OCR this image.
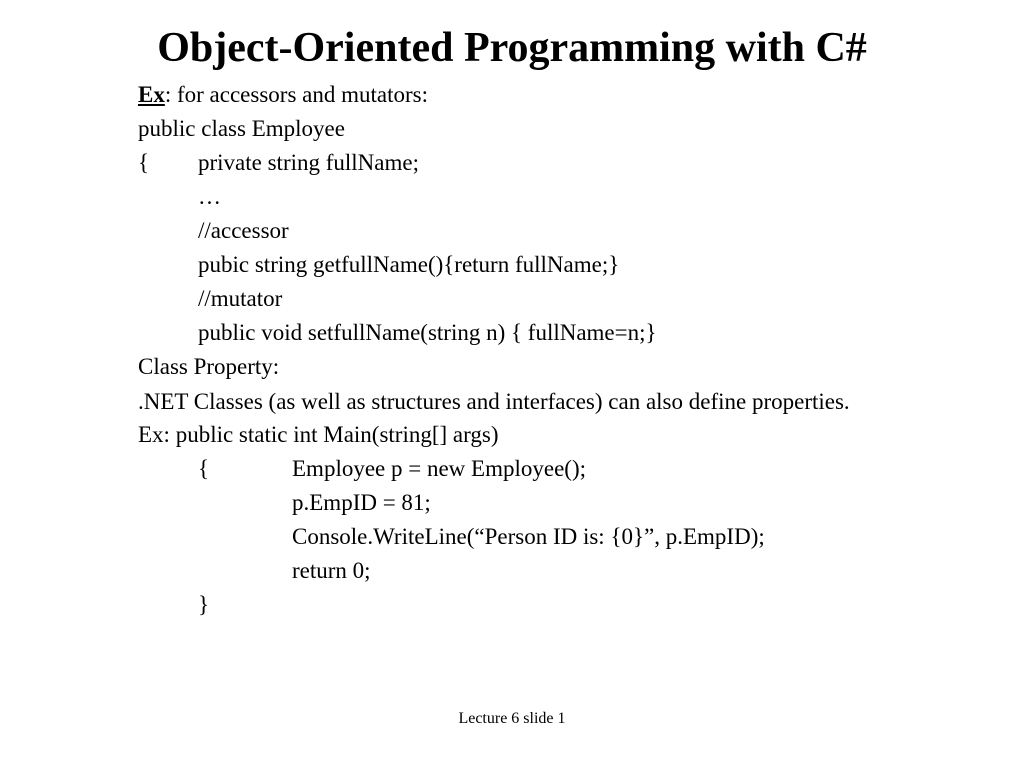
Object-Oriented Programming with C#
Ex: for accessors and mutators:
public class Employee
{ private string fullName;
…
//accessor
pubic string getfullName(){return fullName;}
//mutator
public void setfullName(string n) { fullName=n;}
Class Property:
.NET Classes (as well as structures and interfaces) can also define properties.
Ex: public static int Main(string[] args)
{	Employee p = new Employee();
p.EmpID = 81;
Console.WriteLine(“Person ID is: {0}”, p.EmpID);
return 0;
}
Lecture 6 slide 1
